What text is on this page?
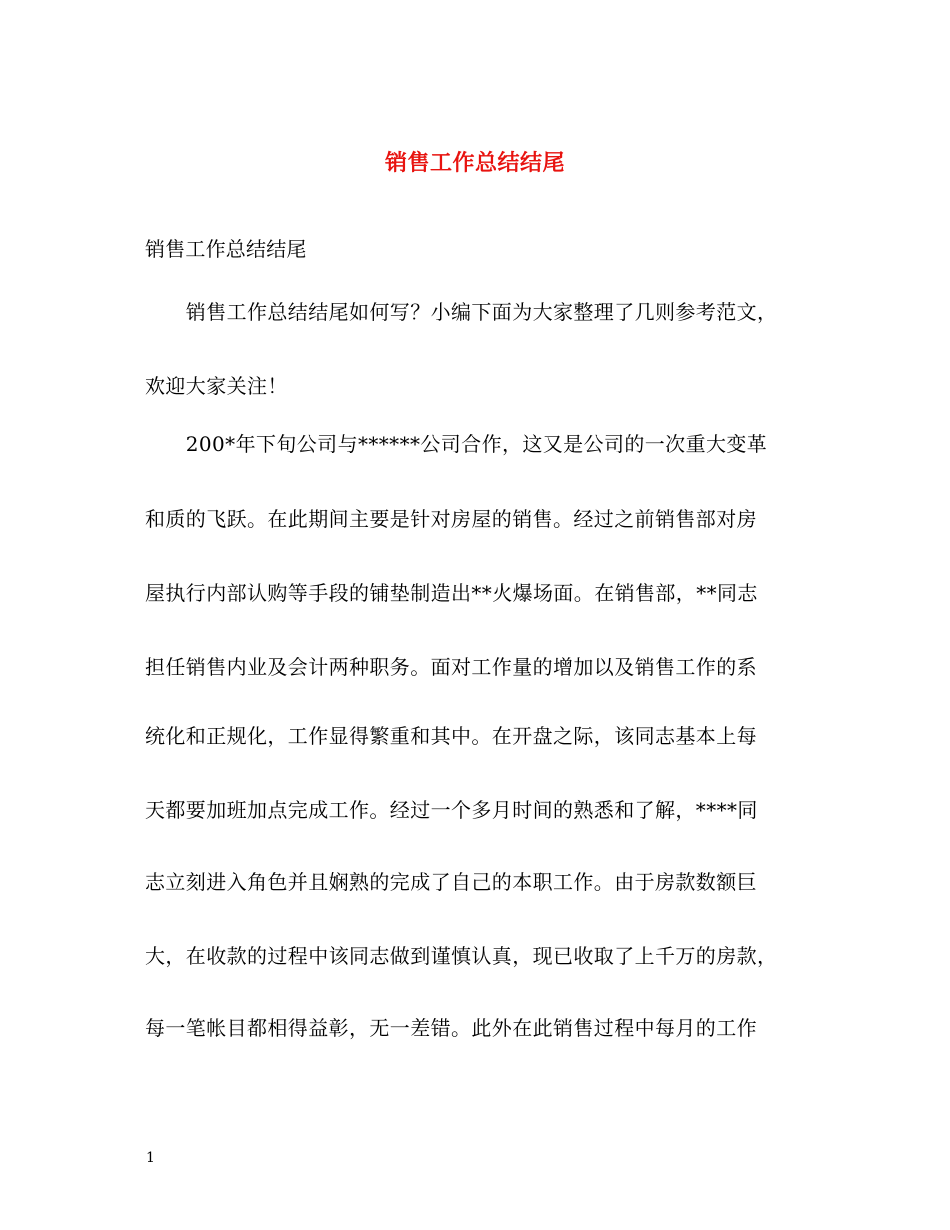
销售工作总结结尾
销售工作总结结尾
　　销售工作总结结尾如何写？小编下面为大家整理了几则参考范文，
欢迎大家关注！
　　200*年下旬公司与******公司合作，这又是公司的一次重大变革
和质的飞跃。在此期间主要是针对房屋的销售。经过之前销售部对房
屋执行内部认购等手段的铺垫制造出**火爆场面。在销售部，**同志
担任销售内业及会计两种职务。面对工作量的增加以及销售工作的系
统化和正规化，工作显得繁重和其中。在开盘之际，该同志基本上每
天都要加班加点完成工作。经过一个多月时间的熟悉和了解，****同
志立刻进入角色并且娴熟的完成了自己的本职工作。由于房款数额巨
大，在收款的过程中该同志做到谨慎认真，现已收取了上千万的房款，
每一笔帐目都相得益彰，无一差错。此外在此销售过程中每月的工作
1
